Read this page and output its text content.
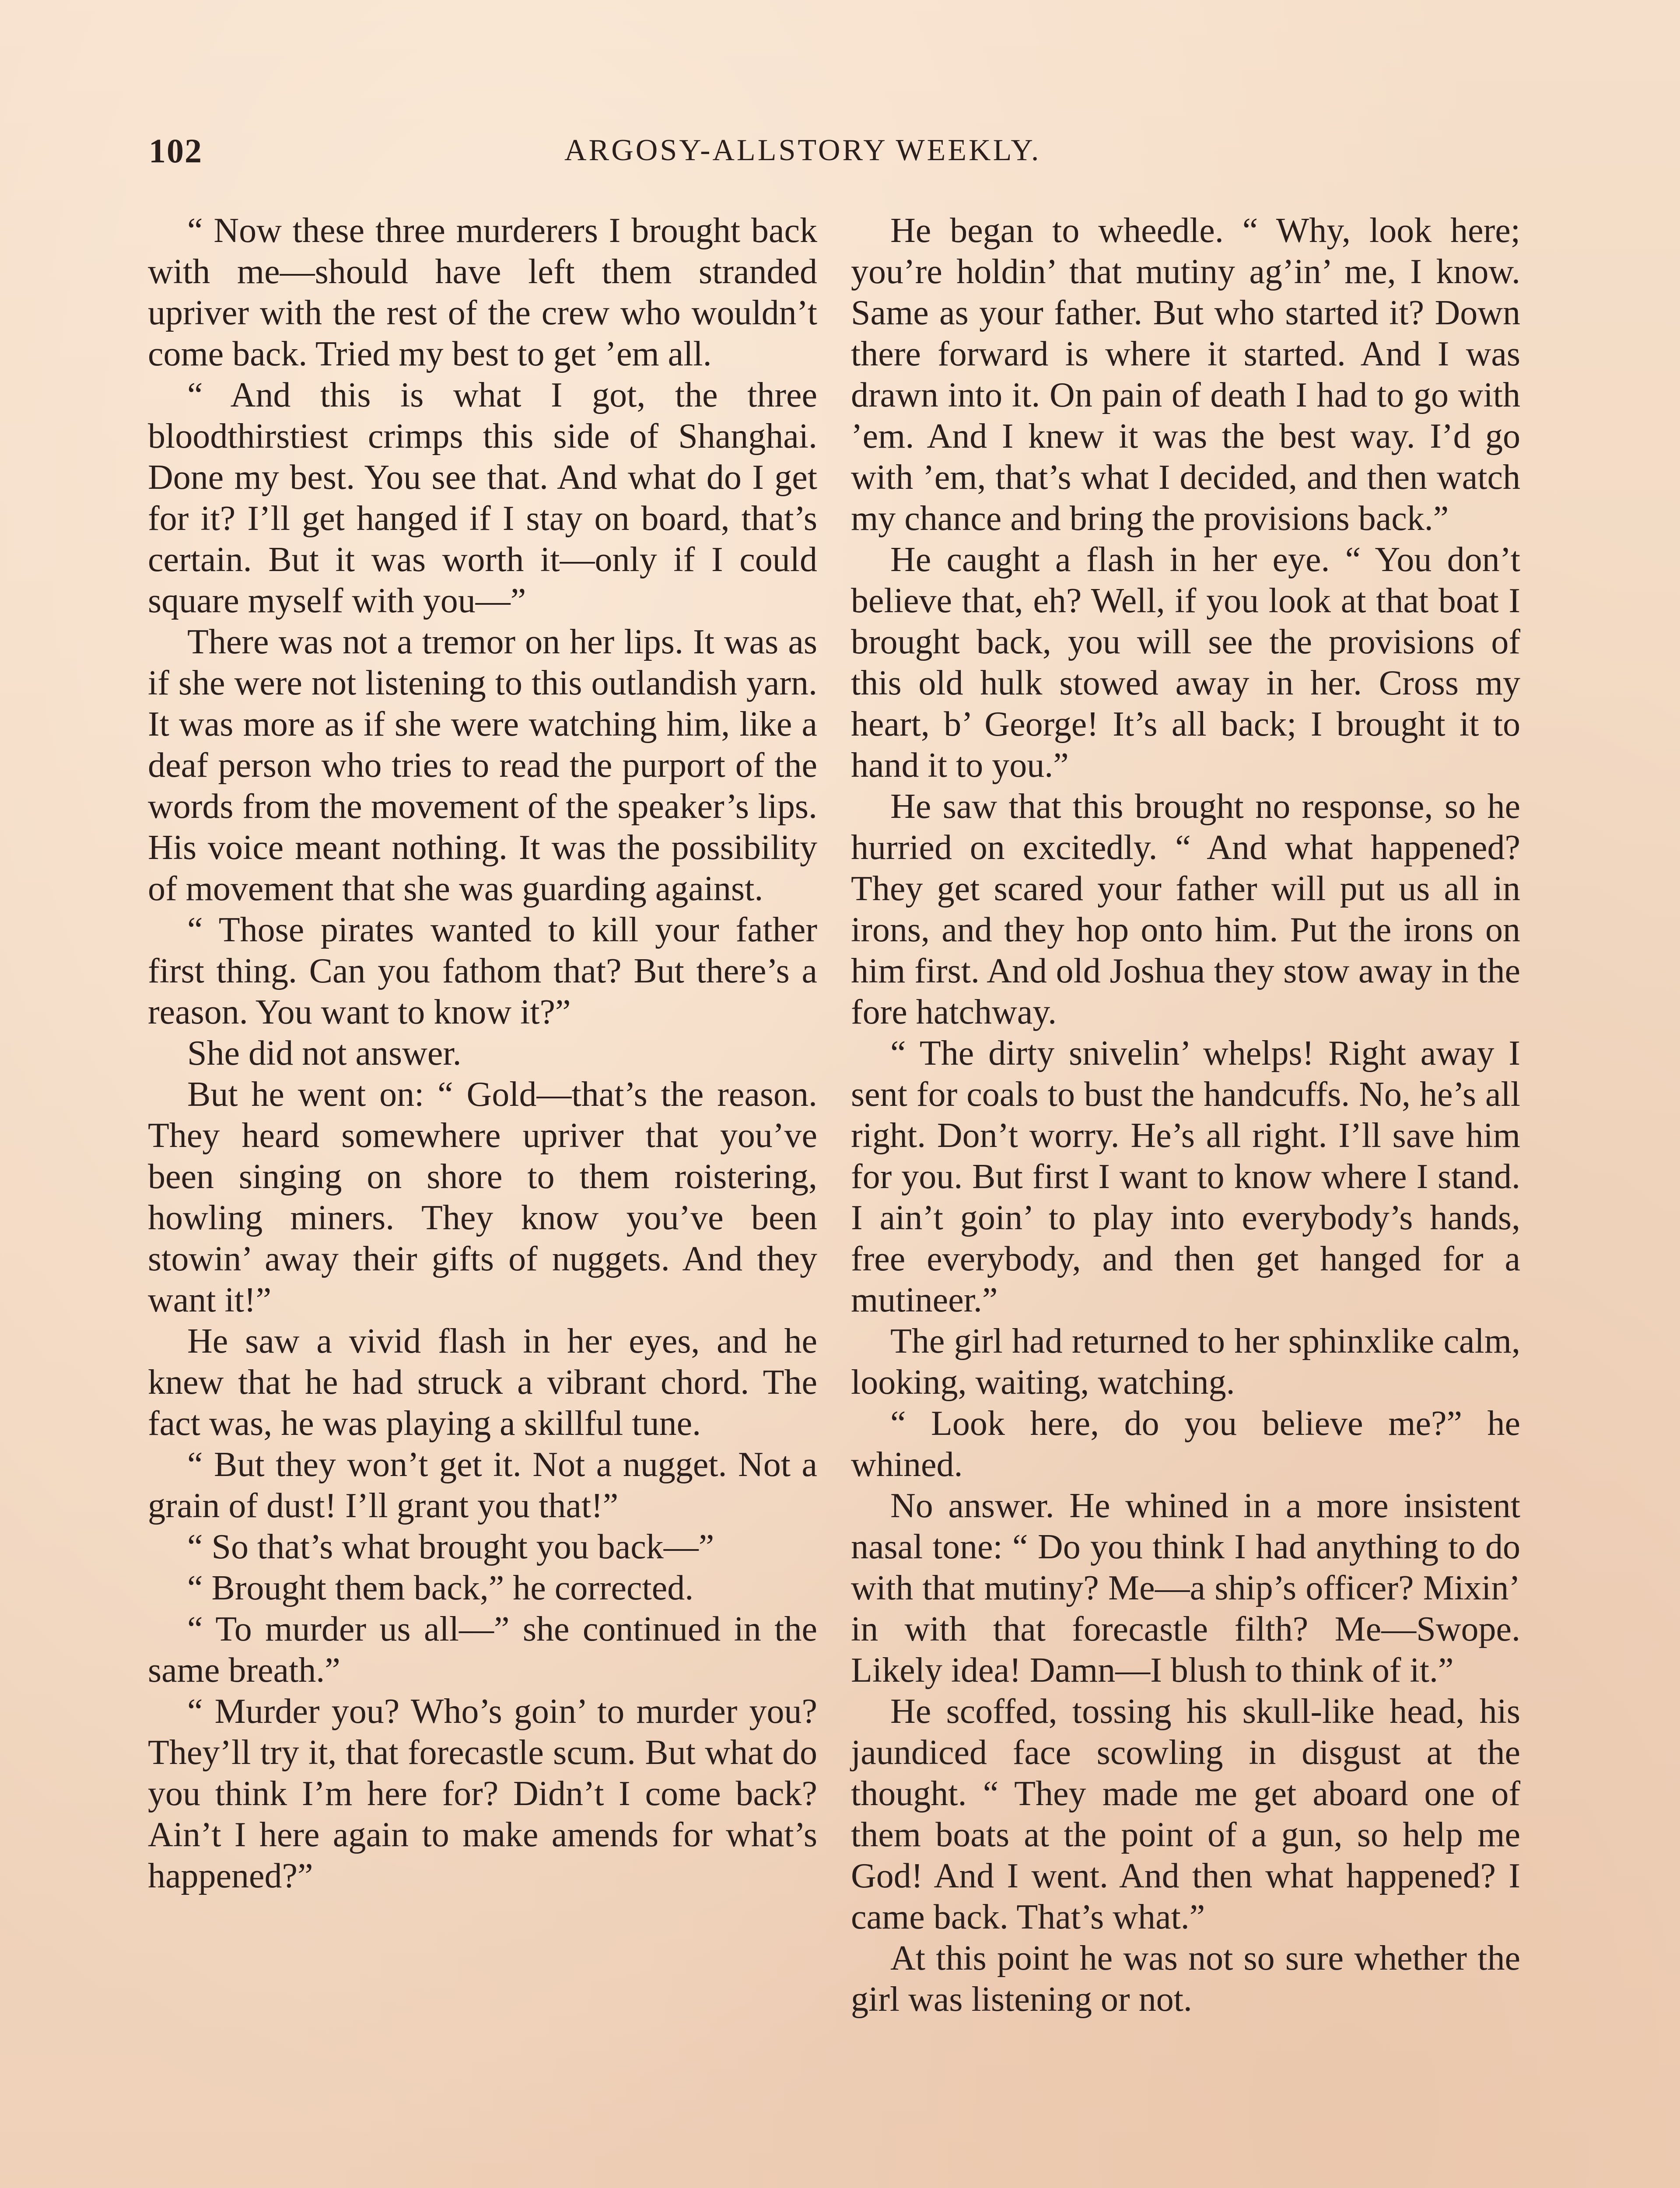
102	ARGOSY-ALLSTORY WEEKLY.

“ Now these three murderers I brought back with me—should have left them stranded upriver with the rest of the crew who wouldn’t come back. Tried my best to get ’em all.

“ And this is what I got, the three bloodthirstiest crimps this side of Shanghai. Done my best. You see that. And what do I get for it? I’ll get hanged if I stay on board, that’s certain. But it was worth it—only if I could square myself with you—”

There was not a tremor on her lips. It was as if she were not listening to this outlandish yarn. It was more as if she were watching him, like a deaf person who tries to read the purport of the words from the movement of the speaker’s lips. His voice meant nothing. It was the possibility of movement that she was guarding against.

“ Those pirates wanted to kill your father first thing. Can you fathom that? But there’s a reason. You want to know it?”

She did not answer.

But he went on: “ Gold—that’s the reason. They heard somewhere upriver that you’ve been singing on shore to them roistering, howling miners. They know you’ve been stowin’ away their gifts of nuggets. And they want it!”

He saw a vivid flash in her eyes, and he knew that he had struck a vibrant chord. The fact was, he was playing a skillful tune.

“ But they won’t get it. Not a nugget. Not a grain of dust! I’ll grant you that!”

“ So that’s what brought you back—”

“ Brought them back,” he corrected.

“ To murder us all—” she continued in the same breath.”

“ Murder you? Who’s goin’ to murder you? They’ll try it, that forecastle scum. But what do you think I’m here for? Didn’t I come back? Ain’t I here again to make amends for what’s happened?”

He began to wheedle. “ Why, look here; you’re holdin’ that mutiny ag’in’ me, I know. Same as your father. But who started it? Down there forward is where it started. And I was drawn into it. On pain of death I had to go with ’em. And I knew it was the best way. I’d go with ’em, that’s what I decided, and then watch my chance and bring the provisions back.”

He caught a flash in her eye. “ You don’t believe that, eh? Well, if you look at that boat I brought back, you will see the provisions of this old hulk stowed away in her. Cross my heart, b’ George! It’s all back; I brought it to hand it to you.”

He saw that this brought no response, so he hurried on excitedly. “ And what happened? They get scared your father will put us all in irons, and they hop onto him. Put the irons on him first. And old Joshua they stow away in the fore hatchway.

“ The dirty snivelin’ whelps! Right away I sent for coals to bust the handcuffs. No, he’s all right. Don’t worry. He’s all right. I’ll save him for you. But first I want to know where I stand. I ain’t goin’ to play into everybody’s hands, free everybody, and then get hanged for a mutineer.”

The girl had returned to her sphinxlike calm, looking, waiting, watching.

“ Look here, do you believe me?” he whined.

No answer. He whined in a more insistent nasal tone: “ Do you think I had anything to do with that mutiny? Me—a ship’s officer? Mixin’ in with that forecastle filth? Me—Swope. Likely idea! Damn—I blush to think of it.”

He scoffed, tossing his skull-like head, his jaundiced face scowling in disgust at the thought. “ They made me get aboard one of them boats at the point of a gun, so help me God! And I went. And then what happened? I came back. That’s what.”

At this point he was not so sure whether the girl was listening or not.
